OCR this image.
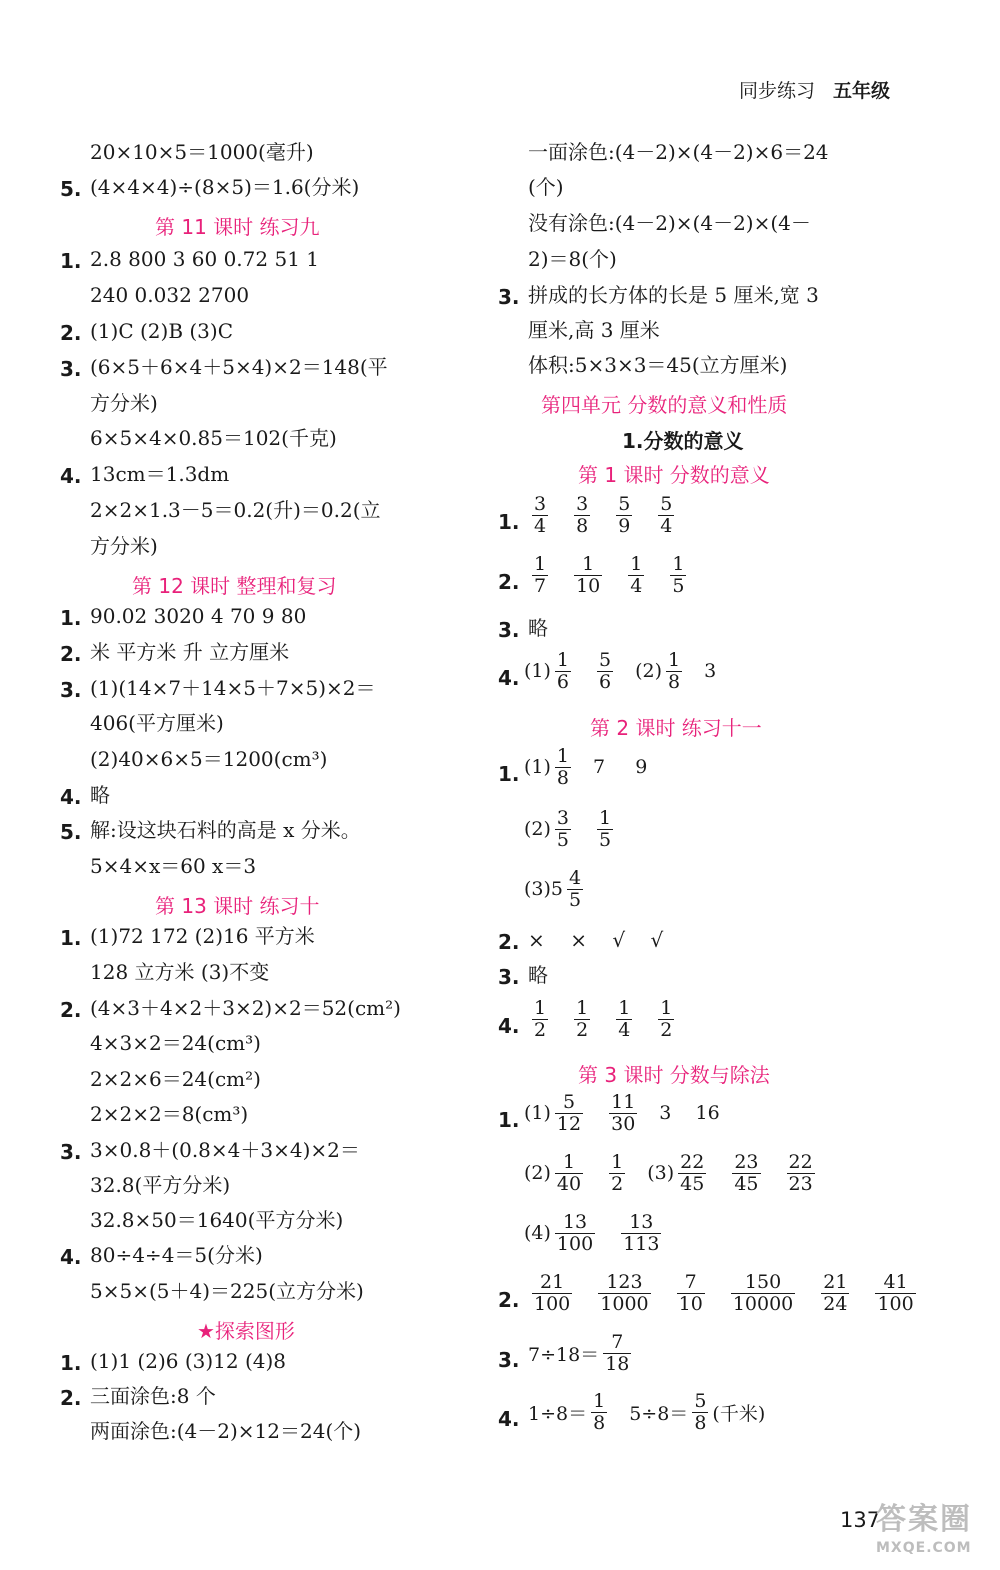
同步练习 五年级
20×10×5＝1000(毫升)
5. (4×4×4)÷(8×5)＝1.6(分米)
第 11 课时 练习九
1. 2.8 800 3 60 0.72 51 1
240 0.032 2700
2. (1)C (2)B (3)C
3. (6×5＋6×4＋5×4)×2＝148(平
方分米)
6×5×4×0.85＝102(千克)
4. 13cm＝1.3dm
2×2×1.3－5＝0.2(升)＝0.2(立
方分米)
第 12 课时 整理和复习
1. 90.02 3020 4 70 9 80
2. 米 平方米 升 立方厘米
3. (1)(14×7＋14×5＋7×5)×2＝
406(平方厘米)
(2)40×6×5＝1200(cm³)
4. 略
5. 解:设这块石料的高是 x 分米。
5×4×x＝60 x＝3
第 13 课时 练习十
1. (1)72 172 (2)16 平方米
128 立方米 (3)不变
2. (4×3＋4×2＋3×2)×2＝52(cm²)
4×3×2＝24(cm³)
2×2×6＝24(cm²)
2×2×2＝8(cm³)
3. 3×0.8＋(0.8×4＋3×4)×2＝
32.8(平方分米)
32.8×50＝1640(平方分米)
4. 80÷4÷4＝5(分米)
5×5×(5＋4)＝225(立方分米)
★探索图形
1. (1)1 (2)6 (3)12 (4)8
2. 三面涂色:8 个
两面涂色:(4－2)×12＝24(个)
一面涂色:(4－2)×(4－2)×6＝24
(个)
没有涂色:(4－2)×(4－2)×(4－
2)＝8(个)
3. 拼成的长方体的长是 5 厘米,宽 3
厘米,高 3 厘米
体积:5×3×3＝45(立方厘米)
第四单元 分数的意义和性质
1.分数的意义
第 1 课时 分数的意义
1. $\frac{3}{4} \frac{3}{8} \frac{5}{9} \frac{5}{4}$
2. $\frac{1}{7} \frac{1}{10} \frac{1}{4} \frac{1}{5}$
3. 略
4. $(1) \frac{1}{6} \frac{5}{6} (2) \frac{1}{8} 3$
第 2 课时 练习十一
1. $(1) \frac{1}{8} 7$     9
$(2) \frac{3}{5} \frac{1}{5}$
$(3)5 \frac{4}{5}$
2. ×    ×    √    √
3. 略
4. $\frac{1}{2} \frac{1}{2} \frac{1}{4} \frac{1}{2}$
第 3 课时 分数与除法
1. $(1) \frac{5}{12} \frac{11}{30} 3$    16
$(2) \frac{1}{40} \frac{1}{2} (3) \frac{22}{45} \frac{23}{45} \frac{22}{23}$
$(4) \frac{13}{100} \frac{13}{113}$
2. $\frac{21}{100} \frac{123}{1000} \frac{7}{10} \frac{150}{10000} \frac{21}{24} \frac{41}{100}$
3. $7\div 18= \frac{7}{18}$
4. $1\div 8= \frac{1}{8} 5\div 8= \frac{5}{8}$ (千米)
137
答案圈
MXQE.COM
